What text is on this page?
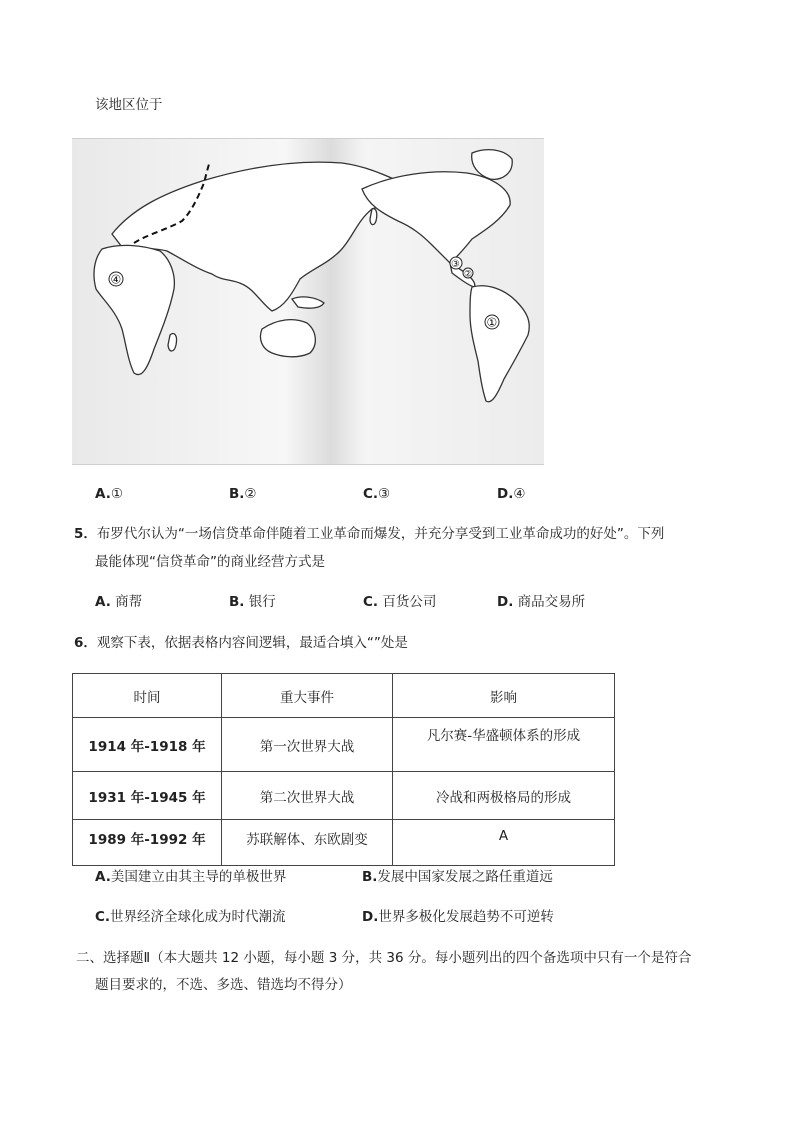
该地区位于
④
③
②
①
A.①	B.②	C.③	D.④
5．布罗代尔认为“一场信贷革命伴随着工业革命而爆发，并充分享受到工业革命成功的好处”。下列
最能体现“信贷革命”的商业经营方式是
A. 商帮	B. 银行	C. 百货公司	D. 商品交易所
6．观察下表，依据表格内容间逻辑，最适合填入“”处是
时间	重大事件	影响
1914 年-1918 年	第一次世界大战	凡尔赛-华盛顿体系的形成
1931 年-1945 年	第二次世界大战	冷战和两极格局的形成
1989 年-1992 年	苏联解体、东欧剧变	A
A.美国建立由其主导的单极世界	B.发展中国家发展之路任重道远
C.世界经济全球化成为时代潮流	D.世界多极化发展趋势不可逆转
二、选择题Ⅱ（本大题共 12 小题，每小题 3 分，共 36 分。每小题列出的四个备选项中只有一个是符合
题目要求的，不选、多选、错选均不得分）
